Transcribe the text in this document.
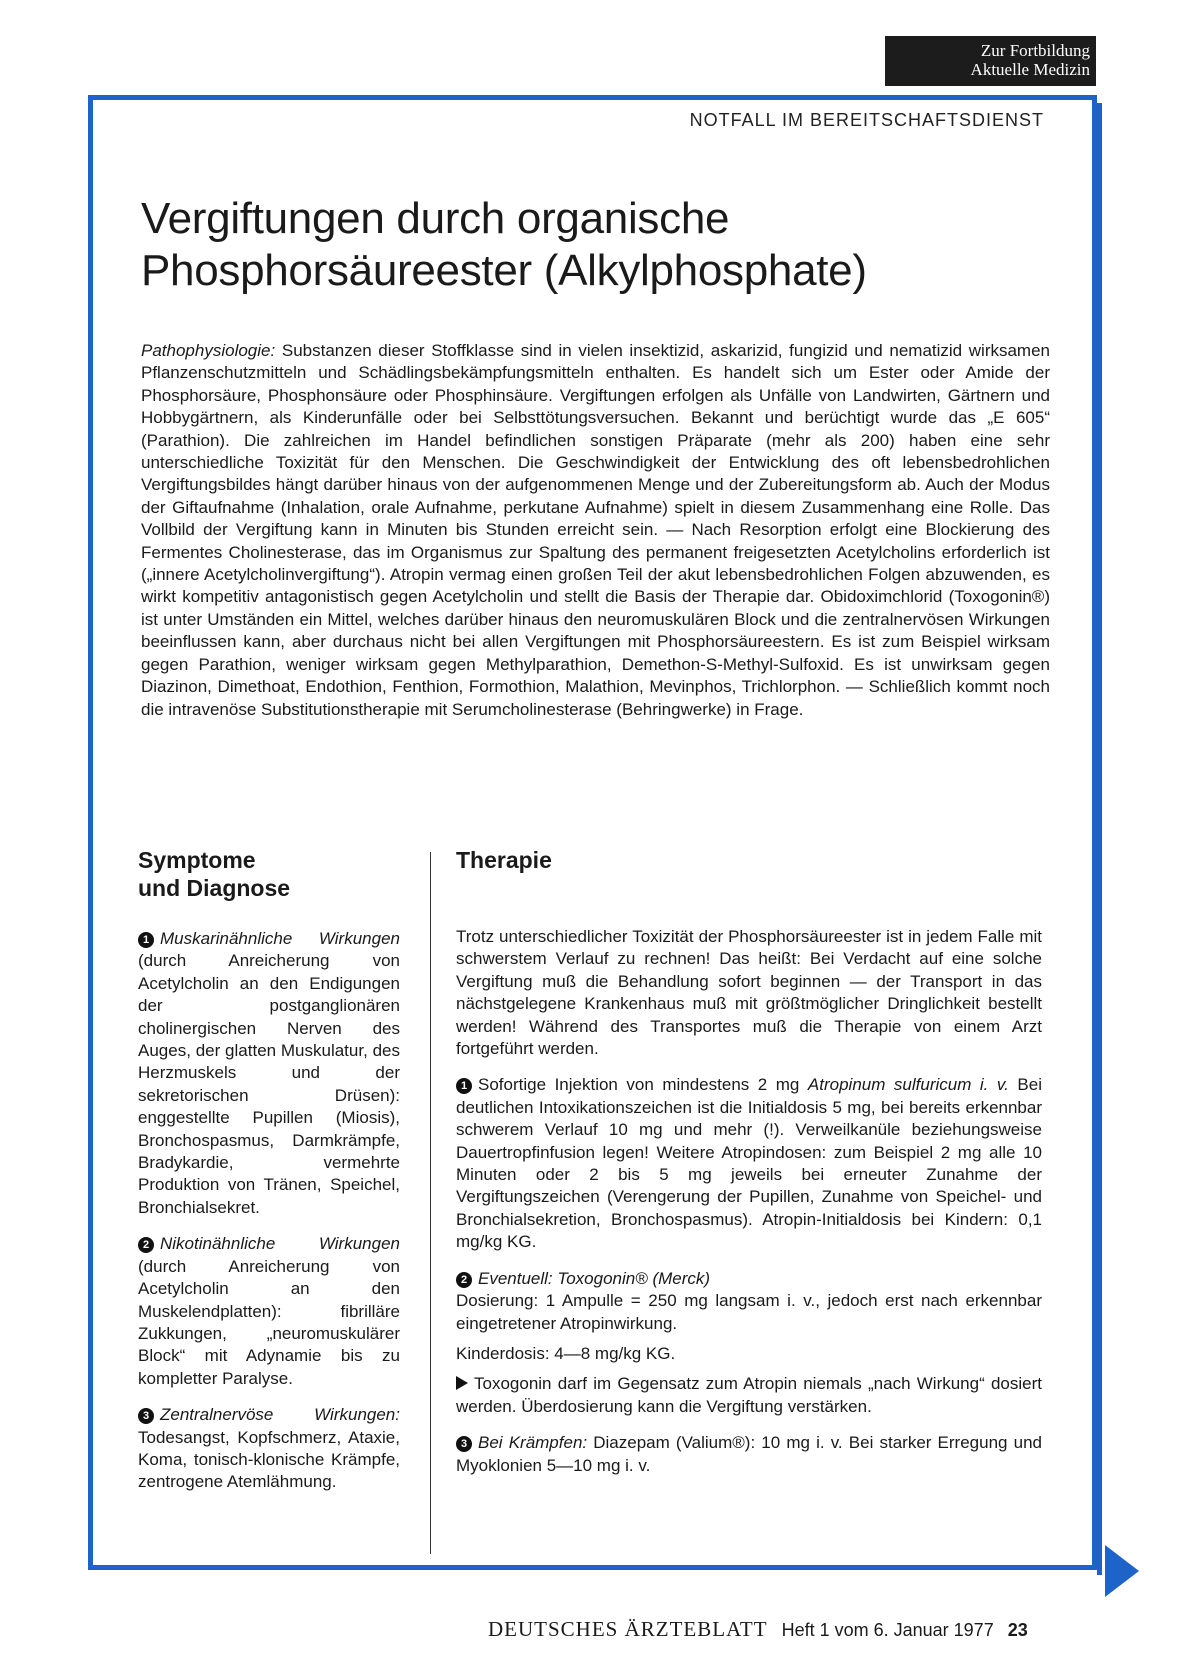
Zur Fortbildung
Aktuelle Medizin
NOTFALL IM BEREITSCHAFTSDIENST
Vergiftungen durch organische
Phosphorsäureester (Alkylphosphate)

Pathophysiologie: Substanzen dieser Stoffklasse sind in vielen insektizid, askarizid, fungizid und nematizid wirksamen Pflanzenschutzmitteln und Schädlingsbekämpfungsmitteln enthalten. Es handelt sich um Ester oder Amide der Phosphorsäure, Phosphonsäure oder Phosphinsäure. Vergiftungen erfolgen als Unfälle von Landwirten, Gärtnern und Hobbygärtnern, als Kinderunfälle oder bei Selbsttötungsversuchen. Bekannt und berüchtigt wurde das „E 605“ (Parathion). Die zahlreichen im Handel befindlichen sonstigen Präparate (mehr als 200) haben eine sehr unterschiedliche Toxizität für den Menschen. Die Geschwindigkeit der Entwicklung des oft lebensbedrohlichen Vergiftungsbildes hängt darüber hinaus von der aufgenommenen Menge und der Zubereitungsform ab. Auch der Modus der Giftaufnahme (Inhalation, orale Aufnahme, perkutane Aufnahme) spielt in diesem Zusammenhang eine Rolle. Das Vollbild der Vergiftung kann in Minuten bis Stunden erreicht sein. — Nach Resorption erfolgt eine Blockierung des Fermentes Cholinesterase, das im Organismus zur Spaltung des permanent freigesetzten Acetylcholins erforderlich ist („innere Acetylcholinvergiftung“). Atropin vermag einen großen Teil der akut lebensbedrohlichen Folgen abzuwenden, es wirkt kompetitiv antagonistisch gegen Acetylcholin und stellt die Basis der Therapie dar. Obidoximchlorid (Toxogonin®) ist unter Umständen ein Mittel, welches darüber hinaus den neuromuskulären Block und die zentralnervösen Wirkungen beeinflussen kann, aber durchaus nicht bei allen Vergiftungen mit Phosphorsäureestern. Es ist zum Beispiel wirksam gegen Parathion, weniger wirksam gegen Methylparathion, Demethon-S-Methyl-Sulfoxid. Es ist unwirksam gegen Diazinon, Dimethoat, Endothion, Fenthion, Formothion, Malathion, Mevinphos, Trichlorphon. — Schließlich kommt noch die intravenöse Substitutionstherapie mit Serumcholinesterase (Behringwerke) in Frage.

Symptome
und Diagnose

1 Muskarinähnliche Wirkungen (durch Anreicherung von Acetylcholin an den Endigungen der postganglionären cholinergischen Nerven des Auges, der glatten Muskulatur, des Herzmuskels und der sekretorischen Drüsen): enggestellte Pupillen (Miosis), Bronchospasmus, Darmkrämpfe, Bradykardie, vermehrte Produktion von Tränen, Speichel, Bronchialsekret.

2 Nikotinähnliche Wirkungen (durch Anreicherung von Acetylcholin an den Muskelendplatten): fibrilläre Zukkungen, „neuromuskulärer Block“ mit Adynamie bis zu kompletter Paralyse.

3 Zentralnervöse Wirkungen: Todesangst, Kopfschmerz, Ataxie, Koma, tonisch-klonische Krämpfe, zentrogene Atemlähmung.

Therapie

Trotz unterschiedlicher Toxizität der Phosphorsäureester ist in jedem Falle mit schwerstem Verlauf zu rechnen! Das heißt: Bei Verdacht auf eine solche Vergiftung muß die Behandlung sofort beginnen — der Transport in das nächstgelegene Krankenhaus muß mit größtmöglicher Dringlichkeit bestellt werden! Während des Transportes muß die Therapie von einem Arzt fortgeführt werden.

1 Sofortige Injektion von mindestens 2 mg Atropinum sulfuricum i. v. Bei deutlichen Intoxikationszeichen ist die Initialdosis 5 mg, bei bereits erkennbar schwerem Verlauf 10 mg und mehr (!). Verweilkanüle beziehungsweise Dauertropfinfusion legen! Weitere Atropindosen: zum Beispiel 2 mg alle 10 Minuten oder 2 bis 5 mg jeweils bei erneuter Zunahme der Vergiftungszeichen (Verengerung der Pupillen, Zunahme von Speichel- und Bronchialsekretion, Bronchospasmus). Atropin-Initialdosis bei Kindern: 0,1 mg/kg KG.

2 Eventuell: Toxogonin® (Merck)
Dosierung: 1 Ampulle = 250 mg langsam i. v., jedoch erst nach erkennbar eingetretener Atropinwirkung.

Kinderdosis: 4—8 mg/kg KG.

Toxogonin darf im Gegensatz zum Atropin niemals „nach Wirkung“ dosiert werden. Überdosierung kann die Vergiftung verstärken.

3 Bei Krämpfen: Diazepam (Valium®): 10 mg i. v. Bei starker Erregung und Myoklonien 5—10 mg i. v.

DEUTSCHES ÄRZTEBLATT Heft 1 vom 6. Januar 1977 23
